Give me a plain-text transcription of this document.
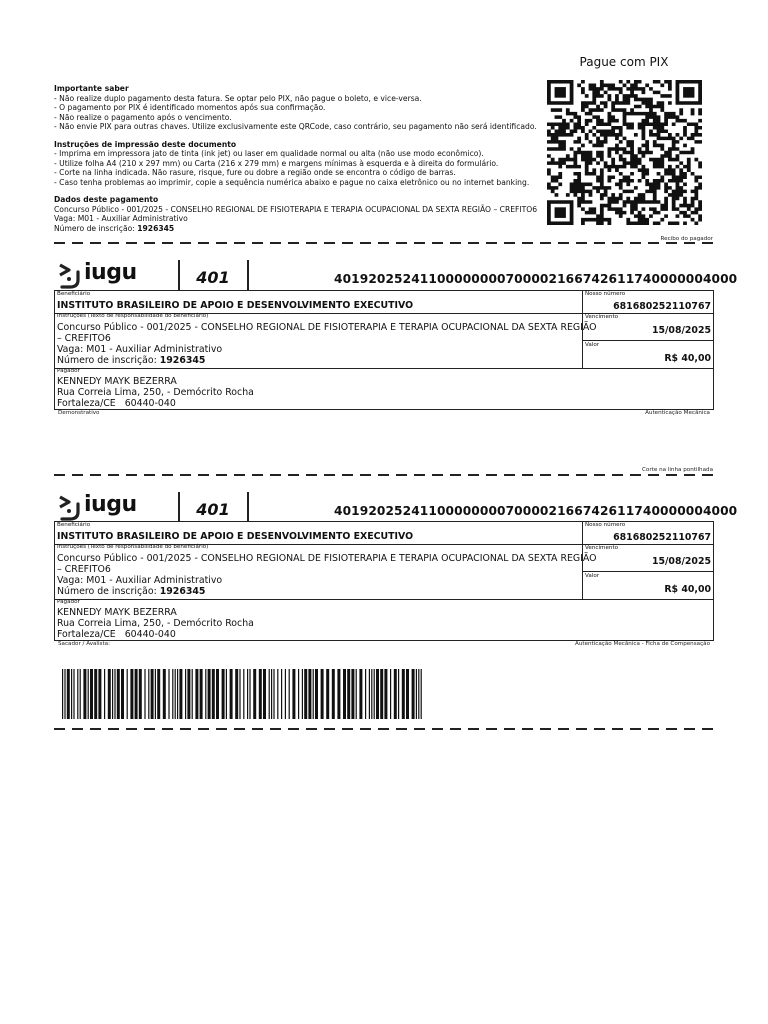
Pague com PIX
Importante saber
- Não realize duplo pagamento desta fatura. Se optar pelo PIX, não pague o boleto, e vice-versa.
- O pagamento por PIX é identificado momentos após sua confirmação.
- Não realize o pagamento após o vencimento.
- Não envie PIX para outras chaves. Utilize exclusivamente este QRCode, caso contrário, seu pagamento não será identificado.
Instruções de impressão deste documento
- Imprima em impressora jato de tinta (ink jet) ou laser em qualidade normal ou alta (não use modo econômico).
- Utilize folha A4 (210 x 297 mm) ou Carta (216 x 279 mm) e margens mínimas à esquerda e à direita do formulário.
- Corte na linha indicada. Não rasure, risque, fure ou dobre a região onde se encontra o código de barras.
- Caso tenha problemas ao imprimir, copie a sequência numérica abaixo e pague no caixa eletrônico ou no internet banking.
Dados deste pagamento
Concurso Público - 001/2025 - CONSELHO REGIONAL DE FISIOTERAPIA E TERAPIA OCUPACIONAL DA SEXTA REGIÃO – CREFITO6
Vaga: M01 - Auxiliar Administrativo
Número de inscrição: 1926345
Recibo do pagador
iugu	401	40192025241100000000700002166742611740000004000
Beneficiário
INSTITUTO BRASILEIRO DE APOIO E DESENVOLVIMENTO EXECUTIVO
Nosso número
681680252110767
Instruções (Texto de responsabilidade do beneficiário)
Concurso Público - 001/2025 - CONSELHO REGIONAL DE FISIOTERAPIA E TERAPIA OCUPACIONAL DA SEXTA REGIÃO
– CREFITO6
Vaga: M01 - Auxiliar Administrativo
Número de inscrição: 1926345
Vencimento
15/08/2025
Valor
R$ 40,00
Pagador
KENNEDY MAYK BEZERRA
Rua Correia Lima, 250, - Demócrito Rocha
Fortaleza/CE 60440-040
Demonstrativo	Autenticação Mecânica
Corte na linha pontilhada
iugu	401	40192025241100000000700002166742611740000004000
Beneficiário
INSTITUTO BRASILEIRO DE APOIO E DESENVOLVIMENTO EXECUTIVO
Nosso número
681680252110767
Instruções (Texto de responsabilidade do beneficiário)
Concurso Público - 001/2025 - CONSELHO REGIONAL DE FISIOTERAPIA E TERAPIA OCUPACIONAL DA SEXTA REGIÃO
– CREFITO6
Vaga: M01 - Auxiliar Administrativo
Número de inscrição: 1926345
Vencimento
15/08/2025
Valor
R$ 40,00
Pagador
KENNEDY MAYK BEZERRA
Rua Correia Lima, 250, - Demócrito Rocha
Fortaleza/CE 60440-040
Sacador / Avalista:	Autenticação Mecânica - Ficha de Compensação
